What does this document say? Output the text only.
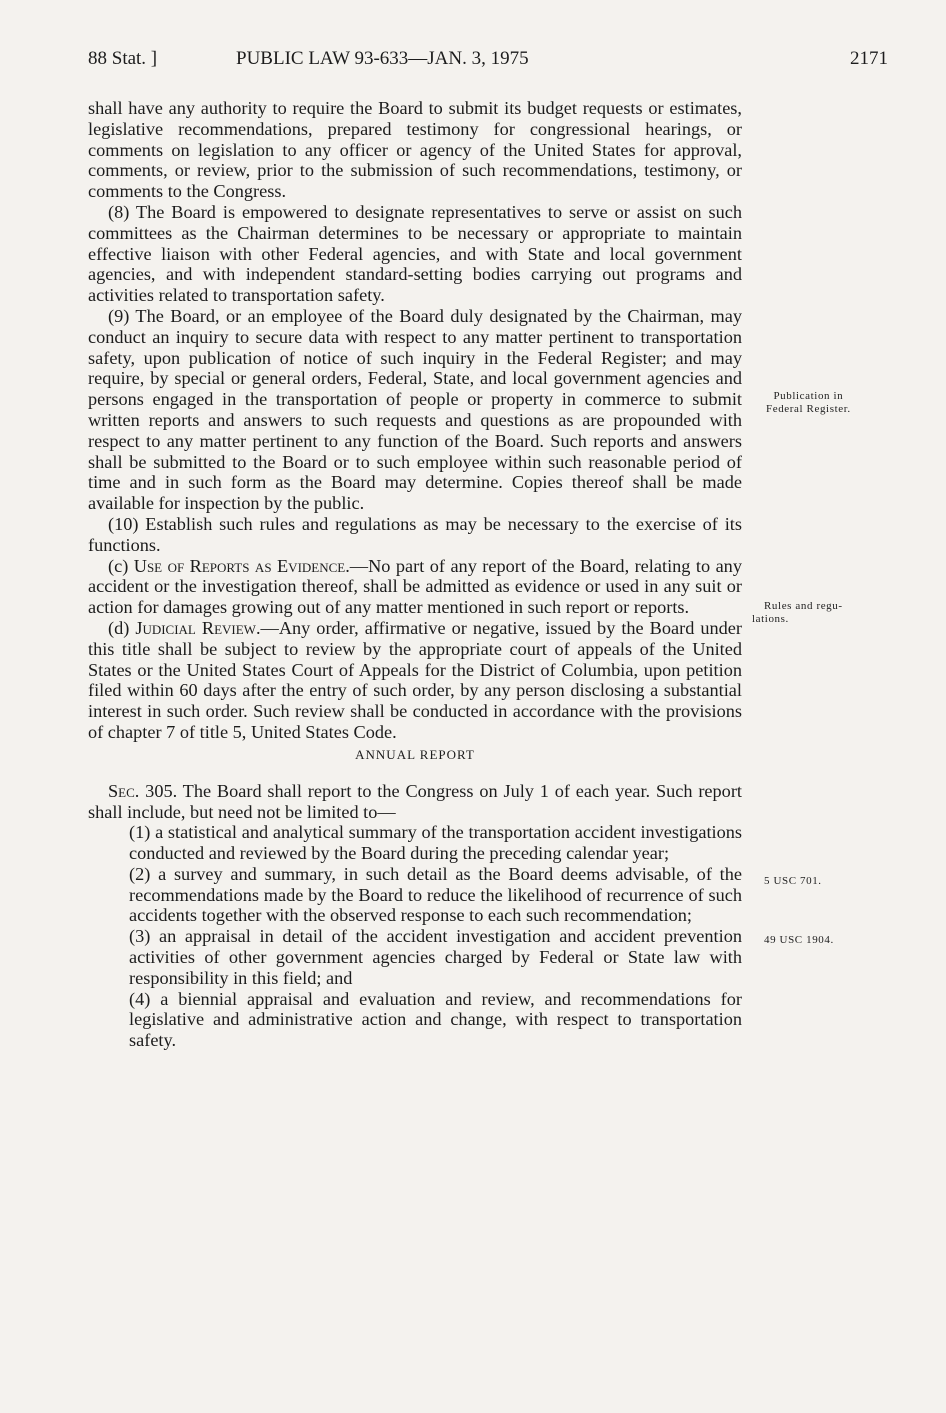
88 Stat. ]	PUBLIC LAW 93-633—JAN. 3, 1975	2171

shall have any authority to require the Board to submit its budget requests or estimates, legislative recommendations, prepared testimony for congressional hearings, or comments on legislation to any officer or agency of the United States for approval, comments, or review, prior to the submission of such recommendations, testimony, or comments to the Congress.

(8) The Board is empowered to designate representatives to serve or assist on such committees as the Chairman determines to be necessary or appropriate to maintain effective liaison with other Federal agencies, and with State and local government agencies, and with independent standard-setting bodies carrying out programs and activities related to transportation safety.

(9) The Board, or an employee of the Board duly designated by the Chairman, may conduct an inquiry to secure data with respect to any matter pertinent to transportation safety, upon publication of notice of such inquiry in the Federal Register; and may require, by special or general orders, Federal, State, and local government agencies and persons engaged in the transportation of people or property in commerce to submit written reports and answers to such requests and questions as are propounded with respect to any matter pertinent to any function of the Board. Such reports and answers shall be submitted to the Board or to such employee within such reasonable period of time and in such form as the Board may determine. Copies thereof shall be made available for inspection by the public.

(10) Establish such rules and regulations as may be necessary to the exercise of its functions.

(c) Use of Reports as Evidence.—No part of any report of the Board, relating to any accident or the investigation thereof, shall be admitted as evidence or used in any suit or action for damages growing out of any matter mentioned in such report or reports.

(d) Judicial Review.—Any order, affirmative or negative, issued by the Board under this title shall be subject to review by the appropriate court of appeals of the United States or the United States Court of Appeals for the District of Columbia, upon petition filed within 60 days after the entry of such order, by any person disclosing a substantial interest in such order. Such review shall be conducted in accordance with the provisions of chapter 7 of title 5, United States Code.

ANNUAL REPORT

Sec. 305. The Board shall report to the Congress on July 1 of each year. Such report shall include, but need not be limited to—

(1) a statistical and analytical summary of the transportation accident investigations conducted and reviewed by the Board during the preceding calendar year;

(2) a survey and summary, in such detail as the Board deems advisable, of the recommendations made by the Board to reduce the likelihood of recurrence of such accidents together with the observed response to each such recommendation;

(3) an appraisal in detail of the accident investigation and accident prevention activities of other government agencies charged by Federal or State law with responsibility in this field; and

(4) a biennial appraisal and evaluation and review, and recommendations for legislative and administrative action and change, with respect to transportation safety.

Publication in
Federal Register.
Rules and regu-
lations.
5 USC 701.
49 USC 1904.
